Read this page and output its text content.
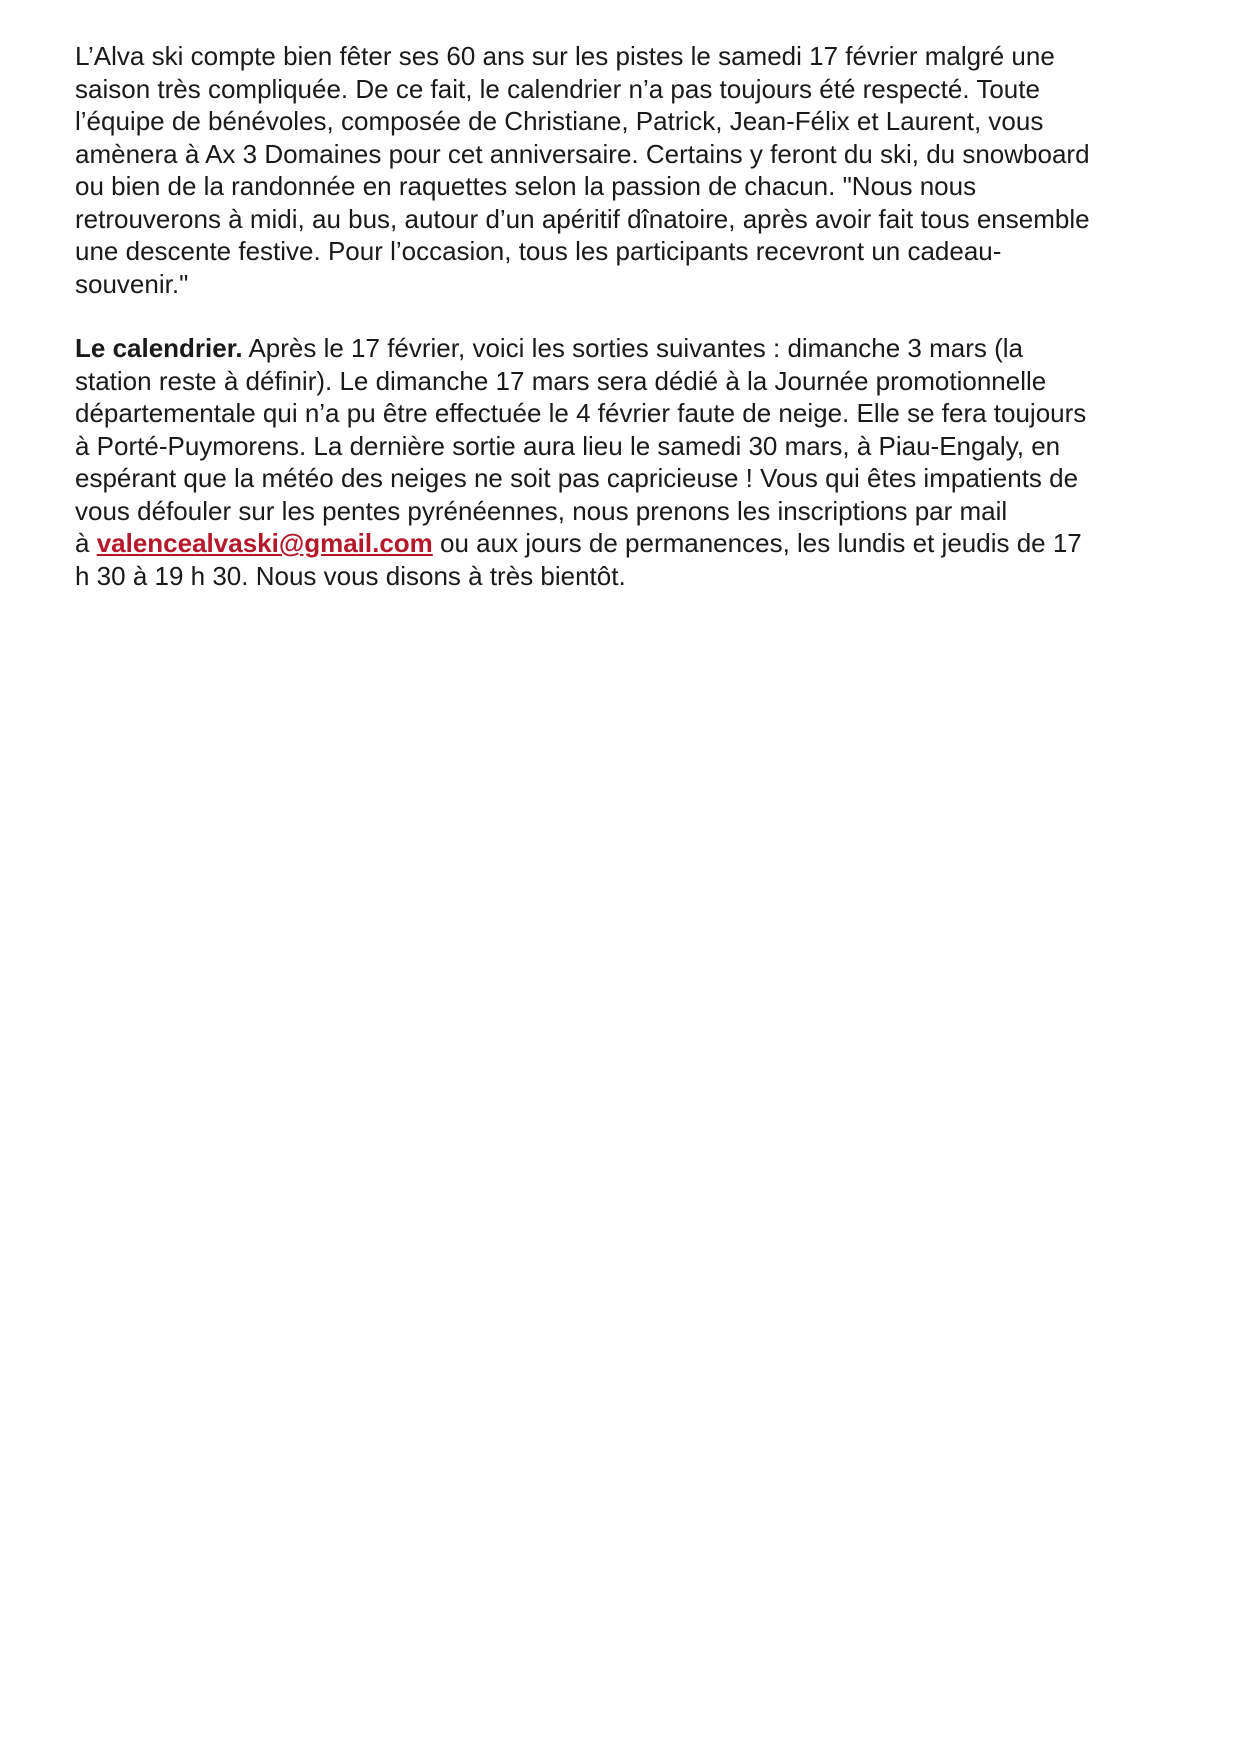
L’Alva ski compte bien fêter ses 60 ans sur les pistes le samedi 17 février malgré une saison très compliquée. De ce fait, le calendrier n’a pas toujours été respecté. Toute l’équipe de bénévoles, composée de Christiane, Patrick, Jean-Félix et Laurent, vous amènera à Ax 3 Domaines pour cet anniversaire. Certains y feront du ski, du snowboard ou bien de la randonnée en raquettes selon la passion de chacun. "Nous nous retrouverons à midi, au bus, autour d’un apéritif dînatoire, après avoir fait tous ensemble une descente festive. Pour l’occasion, tous les participants recevront un cadeau-souvenir."

Le calendrier. Après le 17 février, voici les sorties suivantes : dimanche 3 mars (la station reste à définir). Le dimanche 17 mars sera dédié à la Journée promotionnelle départementale qui n’a pu être effectuée le 4 février faute de neige. Elle se fera toujours à Porté-Puymorens. La dernière sortie aura lieu le samedi 30 mars, à Piau-Engaly, en espérant que la météo des neiges ne soit pas capricieuse ! Vous qui êtes impatients de vous défouler sur les pentes pyrénéennes, nous prenons les inscriptions par mail
à valencealvaski@gmail.com ou aux jours de permanences, les lundis et jeudis de 17 h 30 à 19 h 30. Nous vous disons à très bientôt.
